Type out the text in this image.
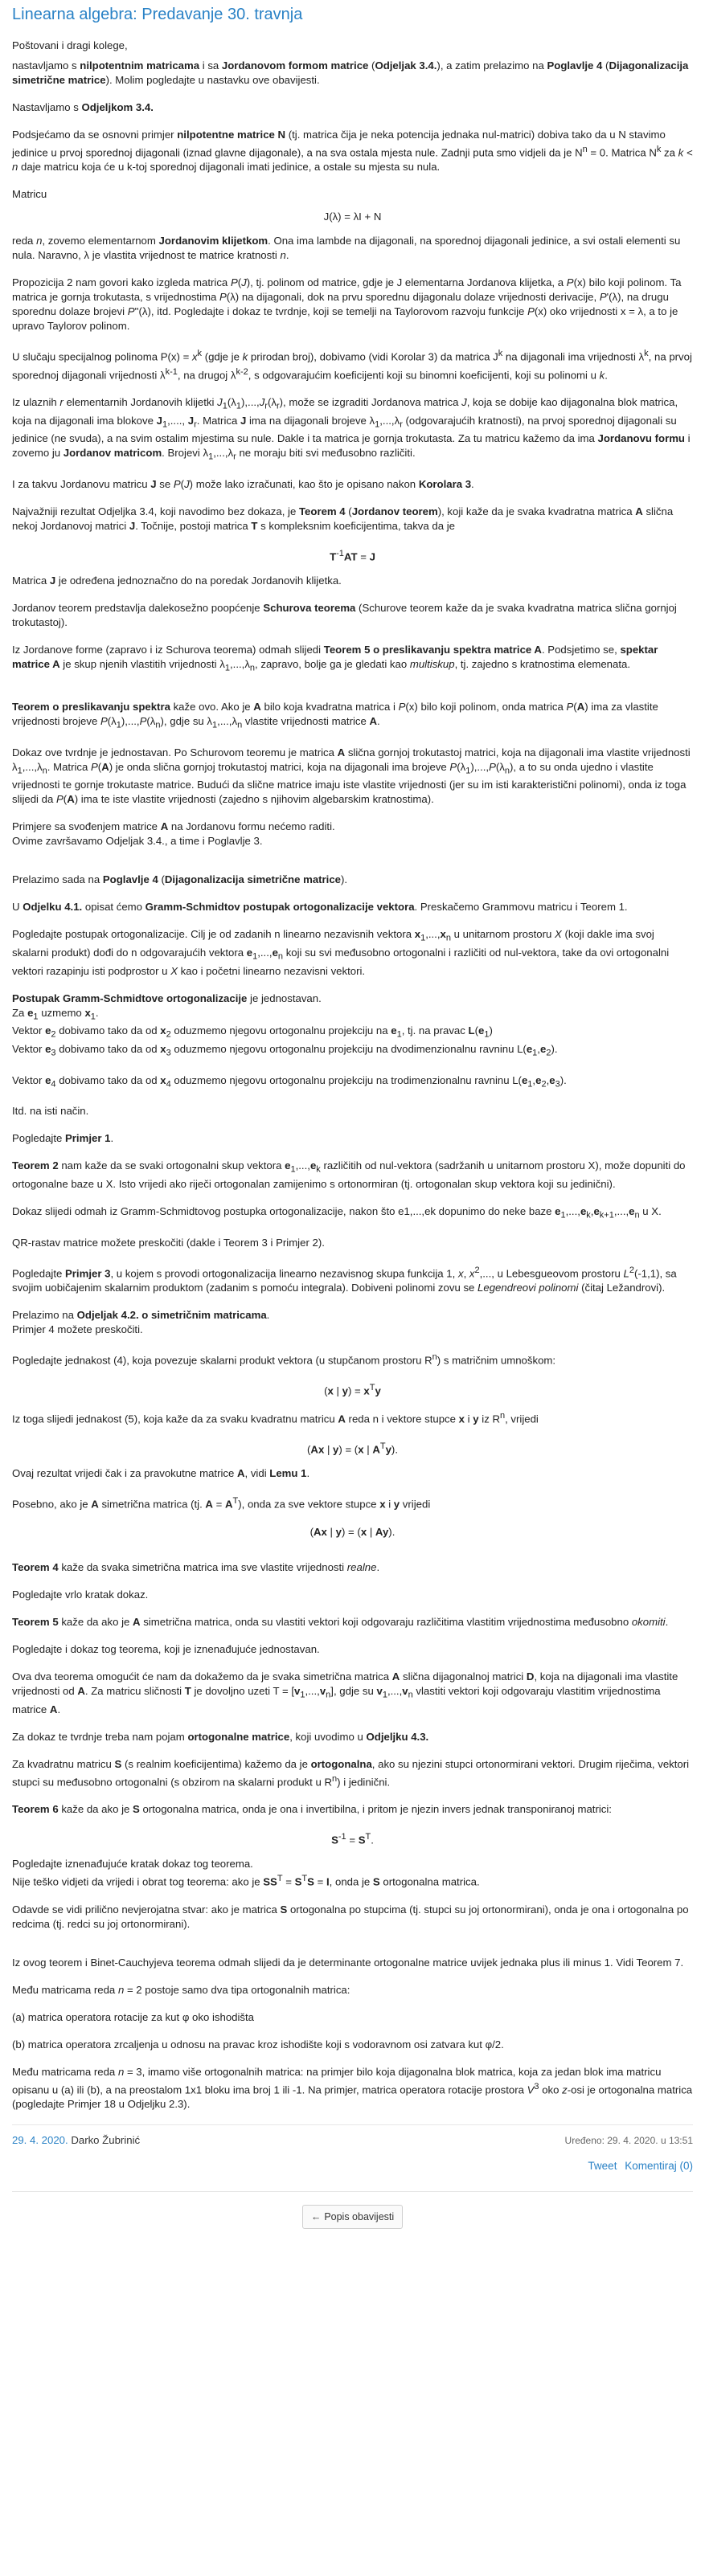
Linearna algebra: Predavanje 30. travnja

Poštovani i dragi kolege,

nastavljamo s nilpotentnim matricama i sa Jordanovom formom matrice (Odjeljak 3.4.), a zatim prelazimo na Poglavlje 4 (Dijagonalizacija simetrične matrice). Molim pogledajte u nastavku ove obavijesti.

Nastavljamo s Odjeljkom 3.4.

Podsjećamo da se osnovni primjer nilpotentne matrice N (tj. matrica čija je neka potencija jednaka nul-matrici) dobiva tako da u N stavimo jedinice u prvoj sporednoj dijagonali (iznad glavne dijagonale), a na sva ostala mjesta nule. Zadnji puta smo vidjeli da je $N^n = 0$. Matrica $N^k$ za k < n daje matricu koja će u k-toj sporednoj dijagonali imati jedinice, a ostale su mjesta su nula.

Matricu

J(λ) = λI + N

reda n, zovemo elementarnom Jordanovim klijetkom. Ona ima lambde na dijagonali, na sporednoj dijagonali jedinice, a svi ostali elementi su nula. Naravno, λ je vlastita vrijednost te matrice kratnosti n.

Propozicija 2 nam govori kako izgleda matrica P(J), tj. polinom od matrice, gdje je J elementarna Jordanova klijetka, a P(x) bilo koji polinom. Ta matrica je gornja trokutasta, s vrijednostima P(λ) na dijagonali, dok na prvu sporednu dijagonalu dolaze vrijednosti derivacije, P'(λ), na drugu sporednu dolaze brojevi P''(λ), itd. Pogledajte i dokaz te tvrdnje, koji se temelji na Taylorovom razvoju funkcije P(x) oko vrijednosti x = λ, a to je upravo Taylorov polinom.

U slučaju specijalnog polinoma $P(x) = x^k$ (gdje je k prirodan broj), dobivamo (vidi Korolar 3) da matrica $J^k$ na dijagonali ima vrijednosti $\lambda^k$, na prvoj sporednoj dijagonali vrijednosti $\lambda^{k-1}$, na drugoj $\lambda^{k-2}$, s odgovarajućim koeficijenti koji su binomni koeficijenti, koji su polinomi u k.

Iz ulaznih r elementarnih Jordanovih klijetki $J_1(\lambda_1),...,J_r(\lambda_r)$, može se izgraditi Jordanova matrica J, koja se dobije kao dijagonalna blok matrica, koja na dijagonali ima blokove $J_1$,...., $J_r$. Matrica J ima na dijagonali brojeve $\lambda_1,...,\lambda_r$ (odgovarajućih kratnosti), na prvoj sporednoj dijagonali su jedinice (ne svuda), a na svim ostalim mjestima su nule. Dakle i ta matrica je gornja trokutasta. Za tu matricu kažemo da ima Jordanovu formu i zovemo ju Jordanov matricom. Brojevi $\lambda_1,...,\lambda_r$ ne moraju biti svi međusobno različiti.

I za takvu Jordanovu matricu J se P(J) može lako izračunati, kao što je opisano nakon Korolara 3.

Najvažniji rezultat Odjeljka 3.4, koji navodimo bez dokaza, je Teorem 4 (Jordanov teorem), koji kaže da je svaka kvadratna matrica A slična nekoj Jordanovoj matrici J. Točnije, postoji matrica T s kompleksnim koeficijentima, takva da je

$T^{-1}AT = J$

Matrica J je određena jednoznačno do na poredak Jordanovih klijetka.

Jordanov teorem predstavlja dalekosežno poopćenje Schurova teorema (Schurove teorem kaže da je svaka kvadratna matrica slična gornjoj trokutastoj).

Iz Jordanove forme (zapravo i iz Schurova teorema) odmah slijedi Teorem 5 o preslikavanju spektra matrice A. Podsjetimo se, spektar matrice A je skup njenih vlastitih vrijednosti $\lambda_1,...,\lambda_n$, zapravo, bolje ga je gledati kao multiskup, tj. zajedno s kratnostima elemenata.

Teorem o preslikavanju spektra kaže ovo. Ako je A bilo koja kvadratna matrica i P(x) bilo koji polinom, onda matrica P(A) ima za vlastite vrijednosti brojeve $P(\lambda_1),...,P(\lambda_n)$, gdje su $\lambda_1,...,\lambda_n$ vlastite vrijednosti matrice A.

Dokaz ove tvrdnje je jednostavan. Po Schurovom teoremu je matrica A slična gornjoj trokutastoj matrici, koja na dijagonali ima vlastite vrijednosti $\lambda_1,...,\lambda_n$. Matrica P(A) je onda slična gornjoj trokutastoj matrici, koja na dijagonali ima brojeve $P(\lambda_1),...,P(\lambda_n)$, a to su onda ujedno i vlastite vrijednosti te gornje trokutaste matrice. Budući da slične matrice imaju iste vlastite vrijednosti (jer su im isti karakteristični polinomi), onda iz toga slijedi da P(A) ima te iste vlastite vrijednosti (zajedno s njihovim algebarskim kratnostima).

Primjere sa svođenjem matrice A na Jordanovu formu nećemo raditi.

Ovime završavamo Odjeljak 3.4., a time i Poglavlje 3.

Prelazimo sada na Poglavlje 4 (Dijagonalizacija simetrične matrice).

U Odjelku 4.1. opisat ćemo Gramm-Schmidtov postupak ortogonalizacije vektora. Preskačemo Grammovu matricu i Teorem 1.

Pogledajte postupak ortogonalizacije. Cilj je od zadanih n linearno nezavisnih vektora $x_1,...,x_n$ u unitarnom prostoru X (koji dakle ima svoj skalarni produkt) dođi do n odgovarajućih vektora $e_1,...,e_n$ koji su svi međusobno ortogonalni i različiti od nul-vektora, take da ovi ortogonalni vektori razapinju isti podprostor u X kao i početni linearno nezavisni vektori.

Postupak Gramm-Schmidtove ortogonalizacije je jednostavan.

Za $e_1$ uzmemo $x_1$.

Vektor $e_2$ dobivamo tako da od $x_2$ oduzmemo njegovu ortogonalnu projekciju na $e_1$, tj. na pravac $L(e_1)$

Vektor $e_3$ dobivamo tako da od $x_3$ oduzmemo njegovu ortogonalnu projekciju na dvodimenzionalnu ravninu $L(e_1,e_2)$.

Vektor $e_4$ dobivamo tako da od $x_4$ oduzmemo njegovu ortogonalnu projekciju na trodimenzionalnu ravninu $L(e_1,e_2,e_3)$.

Itd. na isti način.

Pogledajte Primjer 1.

Teorem 2 nam kaže da se svaki ortogonalni skup vektora $e_1,...,e_k$ različitih od nul-vektora (sadržanih u unitarnom prostoru X), može dopuniti do ortogonalne baze u X. Isto vrijedi ako riječi ortogonalan zamijenimo s ortonormiran (tj. ortogonalan skup vektora koji su jedinični).

Dokaz slijedi odmah iz Gramm-Schmidtovog postupka ortogonalizacije, nakon što e1,...,ek dopunimo do neke baze $e_1,...,e_k,e_{k+1},...,e_n$ u X.

QR-rastav matrice možete preskočiti (dakle i Teorem 3 i Primjer 2).

Pogledajte Primjer 3, u kojem s provodi ortogonalizacija linearno nezavisnog skupa funkcija 1, x, $x^2$,..., u Lebesgueovom prostoru $L^2(-1,1)$, sa svojim uobičajenim skalarnim produktom (zadanim s pomoću integrala). Dobiveni polinomi zovu se Legendreovi polinomi (čitaj Ležandrovi).

Prelazimo na Odjeljak 4.2. o simetričnim matricama.

Primjer 4 možete preskočiti.

Pogledajte jednakost (4), koja povezuje skalarni produkt vektora (u stupčanom prostoru $R^n$) s matričnim umnoškom:

(x | $y) = x^Ty$

Iz toga slijedi jednakost (5), koja kaže da za svaku kvadratnu matricu A reda n i vektore stupce x i y iz $R^n$, vrijedi

(Ax | y) = (x | $A^Ty$).

Ovaj rezultat vrijedi čak i za pravokutne matrice A, vidi Lemu 1.

Posebno, ako je A simetrična matrica (tj. $A = A^T$), onda za sve vektore stupce x i y vrijedi

(Ax | y) = (x | Ay).

Teorem 4 kaže da svaka simetrična matrica ima sve vlastite vrijednosti realne.

Pogledajte vrlo kratak dokaz.

Teorem 5 kaže da ako je A simetrična matrica, onda su vlastiti vektori koji odgovaraju različitima vlastitim vrijednostima međusobno okomiti.

Pogledajte i dokaz tog teorema, koji je iznenađujuće jednostavan.

Ova dva teorema omogućit će nam da dokažemo da je svaka simetrična matrica A slična dijagonalnoj matrici D, koja na dijagonali ima vlastite vrijednosti od A. Za matricu sličnosti T je dovoljno uzeti $T = [v_1,...,v_n]$, gdje su $v_1,...,v_n$ vlastiti vektori koji odgovaraju vlastitim vrijednostima matrice A.

Za dokaz te tvrdnje treba nam pojam ortogonalne matrice, koji uvodimo u Odjeljku 4.3.

Za kvadratnu matricu S (s realnim koeficijentima) kažemo da je ortogonalna, ako su njezini stupci ortonormirani vektori. Drugim riječima, vektori stupci su međusobno ortogonalni (s obzirom na skalarni produkt u $R^n$) i jedinični.

Teorem 6 kaže da ako je S ortogonalna matrica, onda je ona i invertibilna, i pritom je njezin invers jednak transponiranoj matrici:

$S^{-1} = S^T$.

Pogledajte iznenađujuće kratak dokaz tog teorema.

Nije teško vidjeti da vrijedi i obrat tog teorema: ako je $SS^T = S^TS = I$, onda je S ortogonalna matrica.

Odavde se vidi prilično nevjerojatna stvar: ako je matrica S ortogonalna po stupcima (tj. stupci su joj ortonormirani), onda je ona i ortogonalna po redcima (tj. redci su joj ortonormirani).

Iz ovog teorem i Binet-Cauchyjeva teorema odmah slijedi da je determinante ortogonalne matrice uvijek jednaka plus ili minus 1. Vidi Teorem 7.

Među matricama reda n = 2 postoje samo dva tipa ortogonalnih matrica:

(a) matrica operatora rotacije za kut φ oko ishodišta

(b) matrica operatora zrcaljenja u odnosu na pravac kroz ishodište koji s vodoravnom osi zatvara kut φ/2.

Među matricama reda n = 3, imamo više ortogonalnih matrica: na primjer bilo koja dijagonalna blok matrica, koja za jedan blok ima matricu opisanu u (a) ili (b), a na preostalom 1x1 bloku ima broj 1 ili -1. Na primjer, matrica operatora rotacije prostora $V^3$ oko z-osi je ortogonalna matrica (pogledajte Primjer 18 u Odjeljku 2.3).

29. 4. 2020. Darko Žubrinić	Uređeno: 29. 4. 2020. u 13:51
Tweet Komentiraj (0)
← Popis obavijesti
